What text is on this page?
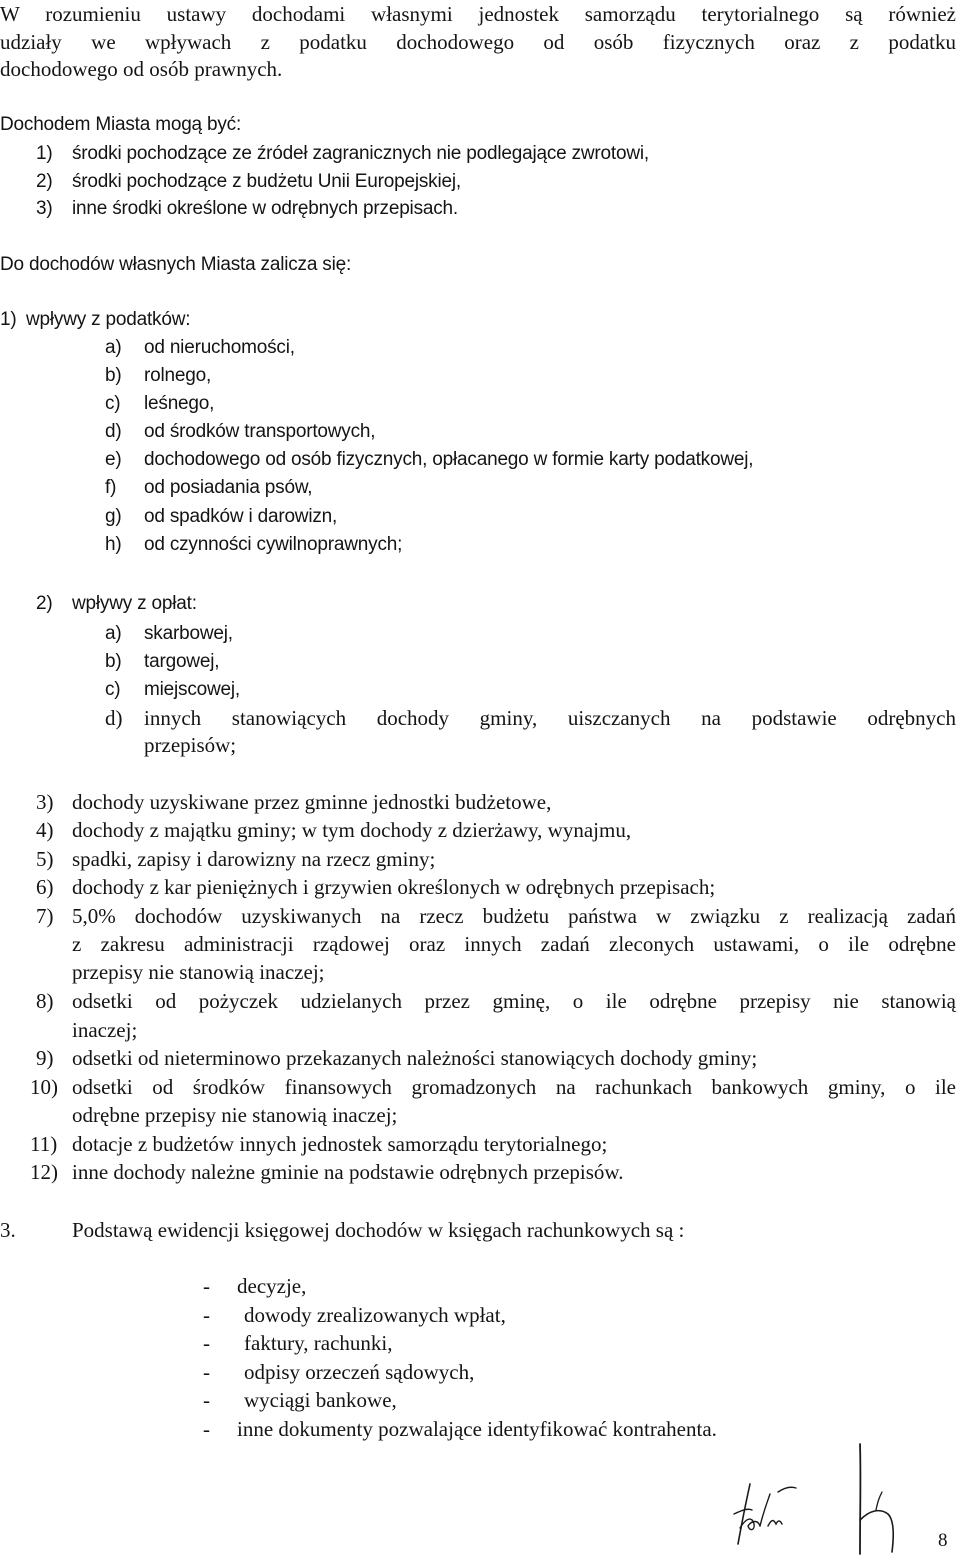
W rozumieniu ustawy dochodami własnymi jednostek samorządu terytorialnego są również
udziały we wpływach z podatku dochodowego od osób fizycznych oraz z podatku
dochodowego od osób prawnych.
Dochodem Miasta mogą być:
1) środki pochodzące ze źródeł zagranicznych nie podlegające zwrotowi,
2) środki pochodzące z budżetu Unii Europejskiej,
3) inne środki określone w odrębnych przepisach.
Do dochodów własnych Miasta zalicza się:
1) wpływy z podatków:
a) od nieruchomości,
b) rolnego,
c) leśnego,
d) od środków transportowych,
e) dochodowego od osób fizycznych, opłacanego w formie karty podatkowej,
f) od posiadania psów,
g) od spadków i darowizn,
h) od czynności cywilnoprawnych;
2) wpływy z opłat:
a) skarbowej,
b) targowej,
c) miejscowej,
d) innych stanowiących dochody gminy, uiszczanych na podstawie odrębnych
przepisów;
3) dochody uzyskiwane przez gminne jednostki budżetowe,
4) dochody z majątku gminy; w tym dochody z dzierżawy, wynajmu,
5) spadki, zapisy i darowizny na rzecz gminy;
6) dochody z kar pieniężnych i grzywien określonych w odrębnych przepisach;
7) 5,0% dochodów uzyskiwanych na rzecz budżetu państwa w związku z realizacją zadań
z zakresu administracji rządowej oraz innych zadań zleconych ustawami, o ile odrębne
przepisy nie stanowią inaczej;
8) odsetki od pożyczek udzielanych przez gminę, o ile odrębne przepisy nie stanowią
inaczej;
9) odsetki od nieterminowo przekazanych należności stanowiących dochody gminy;
10) odsetki od środków finansowych gromadzonych na rachunkach bankowych gminy, o ile
odrębne przepisy nie stanowią inaczej;
11) dotacje z budżetów innych jednostek samorządu terytorialnego;
12) inne dochody należne gminie na podstawie odrębnych przepisów.
3.	Podstawą ewidencji księgowej dochodów w księgach rachunkowych są :
- decyzje,
- dowody zrealizowanych wpłat,
- faktury, rachunki,
- odpisy orzeczeń sądowych,
- wyciągi bankowe,
- inne dokumenty pozwalające identyfikować kontrahenta.
8
